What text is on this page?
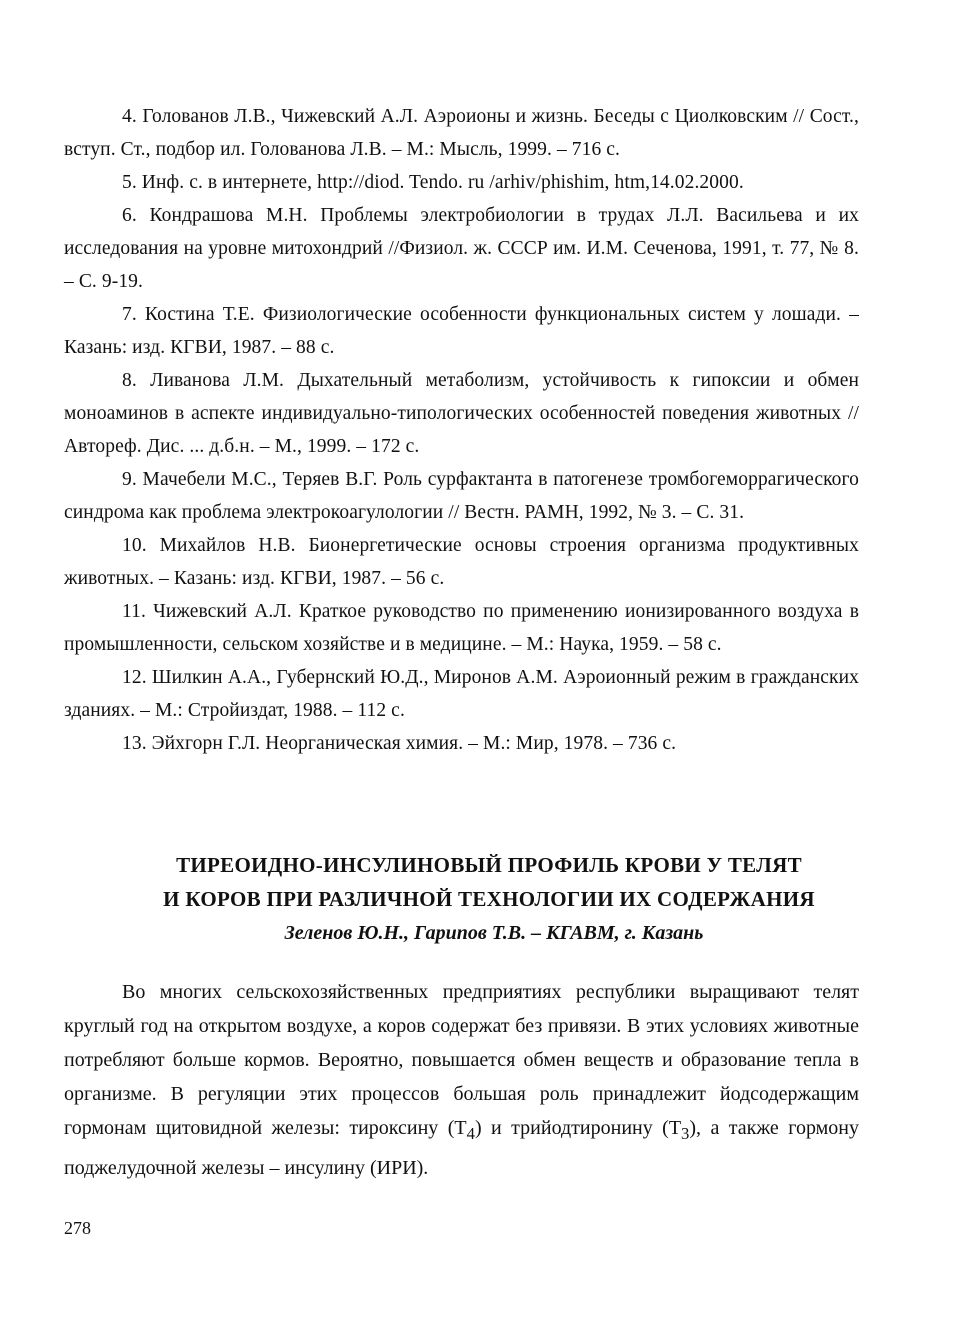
4. Голованов Л.В., Чижевский А.Л. Аэроионы и жизнь. Беседы с Циолковским // Сост., вступ. Ст., подбор ил. Голованова Л.В. – М.: Мысль, 1999. – 716 с.

5. Инф. с. в интернете, http://diod. Tendo. ru /arhiv/phishim, htm,14.02.2000.

6. Кондрашова М.Н. Проблемы электробиологии в трудах Л.Л. Васильева и их исследования на уровне митохондрий //Физиол. ж. СССР им. И.М. Сеченова, 1991, т. 77, № 8. – С. 9-19.

7. Костина Т.Е. Физиологические особенности функциональных систем у лошади. – Казань: изд. КГВИ, 1987. – 88 с.

8. Ливанова Л.М. Дыхательный метаболизм, устойчивость к гипоксии и обмен моноаминов в аспекте индивидуально-типологических особенностей поведения животных // Автореф. Дис. ... д.б.н. – М., 1999. – 172 с.

9. Мачебели М.С., Теряев В.Г. Роль сурфактанта в патогенезе тромбогеморрагического синдрома как проблема электрокоагулологии // Вестн. РАМН, 1992, № 3. – С. 31.

10. Михайлов Н.В. Бионергетические основы строения организма продуктивных животных. – Казань: изд. КГВИ, 1987. – 56 с.

11. Чижевский А.Л. Краткое руководство по применению ионизированного воздуха в промышленности, сельском хозяйстве и в медицине. – М.: Наука, 1959. – 58 с.

12. Шилкин А.А., Губернский Ю.Д., Миронов А.М. Аэроионный режим в гражданских зданиях. – М.: Стройиздат, 1988. – 112 с.

13. Эйхгорн Г.Л. Неорганическая химия. – М.: Мир, 1978. – 736 с.

ТИРЕОИДНО-ИНСУЛИНОВЫЙ ПРОФИЛЬ КРОВИ У ТЕЛЯТ
И КОРОВ ПРИ РАЗЛИЧНОЙ ТЕХНОЛОГИИ ИХ СОДЕРЖАНИЯ
Зеленов Ю.Н., Гарипов Т.В. – КГАВМ, г. Казань

Во многих сельскохозяйственных предприятиях республики выращивают телят круглый год на открытом воздухе, а коров содержат без привязи. В этих условиях животные потребляют больше кормов. Вероятно, повышается обмен веществ и образование тепла в организме. В регуляции этих процессов большая роль принадлежит йодсодержащим гормонам щитовидной железы: тироксину $(T_4)$ и трийодтиронину $(T_3)$, а также гормону поджелудочной железы – инсулину (ИРИ).

278
